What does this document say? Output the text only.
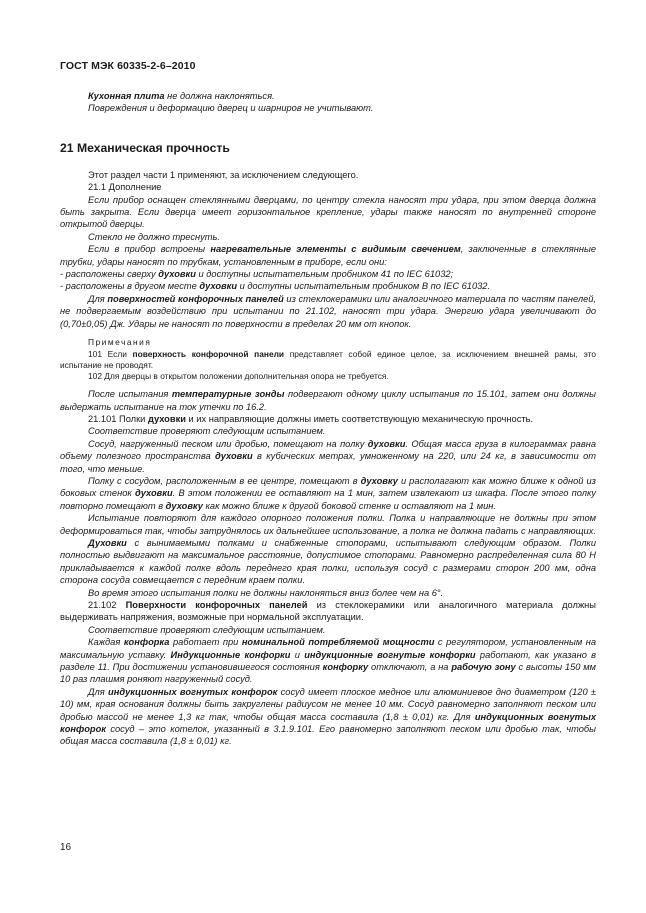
ГОСТ МЭК 60335-2-6–2010

Кухонная плита не должна наклоняться.

Повреждения и деформацию дверец и шарниров не учитывают.

21 Механическая прочность

Этот раздел части 1 применяют, за исключением следующего.

21.1 Дополнение

Если прибор оснащен стеклянными дверцами, по центру стекла наносят три удара, при этом дверца должна быть закрыта. Если дверца имеет горизонтальное крепление, удары также наносят по внутренней стороне открытой дверцы.

Стекло не должно треснуть.

Если в прибор встроены нагревательные элементы с видимым свечением, заключенные в стеклянные трубки, удары наносят по трубкам, установленным в приборе, если они:

- расположены сверху духовки и доступны испытательным пробником 41 по IEC 61032;

- расположены в другом месте духовки и доступны испытательным пробником B по IEC 61032.

Для поверхностей конфорочных панелей из стеклокерамики или аналогичного материала по частям панелей, не подвергаемым воздействию при испытании по 21.102, наносят три удара. Энергию удара увеличивают до (0,70±0,05) Дж. Удары не наносят по поверхности в пределах 20 мм от кнопок.

Примечания

101 Если поверхность конфорочной панели представляет собой единое целое, за исключением внешней рамы, это испытание не проводят.

102 Для дверцы в открытом положении дополнительная опора не требуется.

После испытания температурные зонды подвергают одному циклу испытания по 15.101, затем они должны выдержать испытание на ток утечки по 16.2.

21.101 Полки духовки и их направляющие должны иметь соответствующую механическую прочность.

Соответствие проверяют следующим испытанием.

Сосуд, нагруженный песком или дробью, помещают на полку духовки. Общая масса груза в килограммах равна объему полезного пространства духовки в кубических метрах, умноженному на 220, или 24 кг, в зависимости от того, что меньше.

Полку с сосудом, расположенным в ее центре, помещают в духовку и располагают как можно ближе к одной из боковых стенок духовки. В этом положении ее оставляют на 1 мин, затем извлекают из шкафа. После этого полку повторно помещают в духовку как можно ближе к другой боковой стенке и оставляют на 1 мин.

Испытание повторяют для каждого опорного положения полки. Полка и направляющие не должны при этом деформироваться так, чтобы затруднялось их дальнейшее использование, а полка не должна падать с направляющих.

Духовки с вынимаемыми полками и снабженные стопорами, испытывают следующим образом. Полки полностью выдвигают на максимальное расстояние, допустимое стопорами. Равномерно распределенная сила 80 Н прикладывается к каждой полке вдоль переднего края полки, используя сосуд с размерами сторон 200 мм, одна сторона сосуда совмещается с передним краем полки.

Во время этого испытания полки не должны наклоняться вниз более чем на 6°.

21.102 Поверхности конфорочных панелей из стеклокерамики или аналогичного материала должны выдерживать напряжения, возможные при нормальной эксплуатации.

Соответствие проверяют следующим испытанием.

Каждая конфорка работает при номинальной потребляемой мощности с регулятором, установленным на максимальную уставку. Индукционные конфорки и индукционные вогнутые конфорки работают, как указано в разделе 11. При достижении установившегося состояния конфорку отключают, а на рабочую зону с высоты 150 мм 10 раз плашмя роняют нагруженный сосуд.

Для индукционных вогнутых конфорок сосуд имеет плоское медное или алюминиевое дно диаметром (120 ± 10) мм, края основания должны быть закруглены радиусом не менее 10 мм. Сосуд равномерно заполняют песком или дробью массой не менее 1,3 кг так, чтобы общая масса составила (1,8 ± 0,01) кг. Для индукционных вогнутых конфорок сосуд – это котелок, указанный в 3.1.9.101. Его равномерно заполняют песком или дробью так, чтобы общая масса составила (1,8 ± 0,01) кг.

16
